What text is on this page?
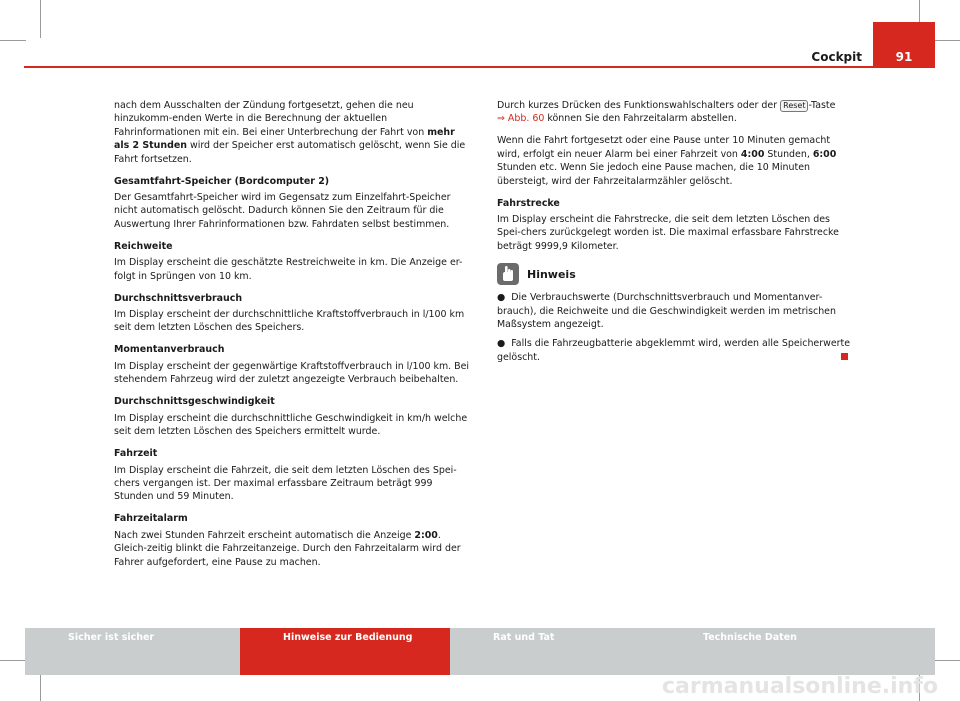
Cockpit	91

nach dem Ausschalten der Zündung fortgesetzt, gehen die neu hinzukomm-enden Werte in die Berechnung der aktuellen Fahrinformationen mit ein. Bei einer Unterbrechung der Fahrt von mehr als 2 Stunden wird der Speicher erst automatisch gelöscht, wenn Sie die Fahrt fortsetzen.

Gesamtfahrt-Speicher (Bordcomputer 2)

Der Gesamtfahrt-Speicher wird im Gegensatz zum Einzelfahrt-Speicher nicht automatisch gelöscht. Dadurch können Sie den Zeitraum für die Auswertung Ihrer Fahrinformationen bzw. Fahrdaten selbst bestimmen.

Reichweite

Im Display erscheint die geschätzte Restreichweite in km. Die Anzeige er-folgt in Sprüngen von 10 km.

Durchschnittsverbrauch

Im Display erscheint der durchschnittliche Kraftstoffverbrauch in l/100 km seit dem letzten Löschen des Speichers.

Momentanverbrauch

Im Display erscheint der gegenwärtige Kraftstoffverbrauch in l/100 km. Bei stehendem Fahrzeug wird der zuletzt angezeigte Verbrauch beibehalten.

Durchschnittsgeschwindigkeit

Im Display erscheint die durchschnittliche Geschwindigkeit in km/h welche seit dem letzten Löschen des Speichers ermittelt wurde.

Fahrzeit

Im Display erscheint die Fahrzeit, die seit dem letzten Löschen des Spei-chers vergangen ist. Der maximal erfassbare Zeitraum beträgt 999 Stunden und 59 Minuten.

Fahrzeitalarm

Nach zwei Stunden Fahrzeit erscheint automatisch die Anzeige 2:00. Gleich-zeitig blinkt die Fahrzeitanzeige. Durch den Fahrzeitalarm wird der Fahrer aufgefordert, eine Pause zu machen.

Durch kurzes Drücken des Funktionswahlschalters oder der Reset -Taste
⇒ Abb. 60 können Sie den Fahrzeitalarm abstellen.

Wenn die Fahrt fortgesetzt oder eine Pause unter 10 Minuten gemacht wird, erfolgt ein neuer Alarm bei einer Fahrzeit von 4:00 Stunden, 6:00 Stunden etc. Wenn Sie jedoch eine Pause machen, die 10 Minuten übersteigt, wird der Fahrzeitalarmzähler gelöscht.

Fahrstrecke

Im Display erscheint die Fahrstrecke, die seit dem letzten Löschen des Spei-chers zurückgelegt worden ist. Die maximal erfassbare Fahrstrecke beträgt 9999,9 Kilometer.

Hinweis
● Die Verbrauchswerte (Durchschnittsverbrauch und Momentanver-brauch), die Reichweite und die Geschwindigkeit werden im metrischen Maßsystem angezeigt.
● Falls die Fahrzeugbatterie abgeklemmt wird, werden alle Speicherwerte gelöscht.
Sicher ist sicher	Hinweise zur Bedienung	Rat und Tat	Technische Daten
carmanualsonline.info
